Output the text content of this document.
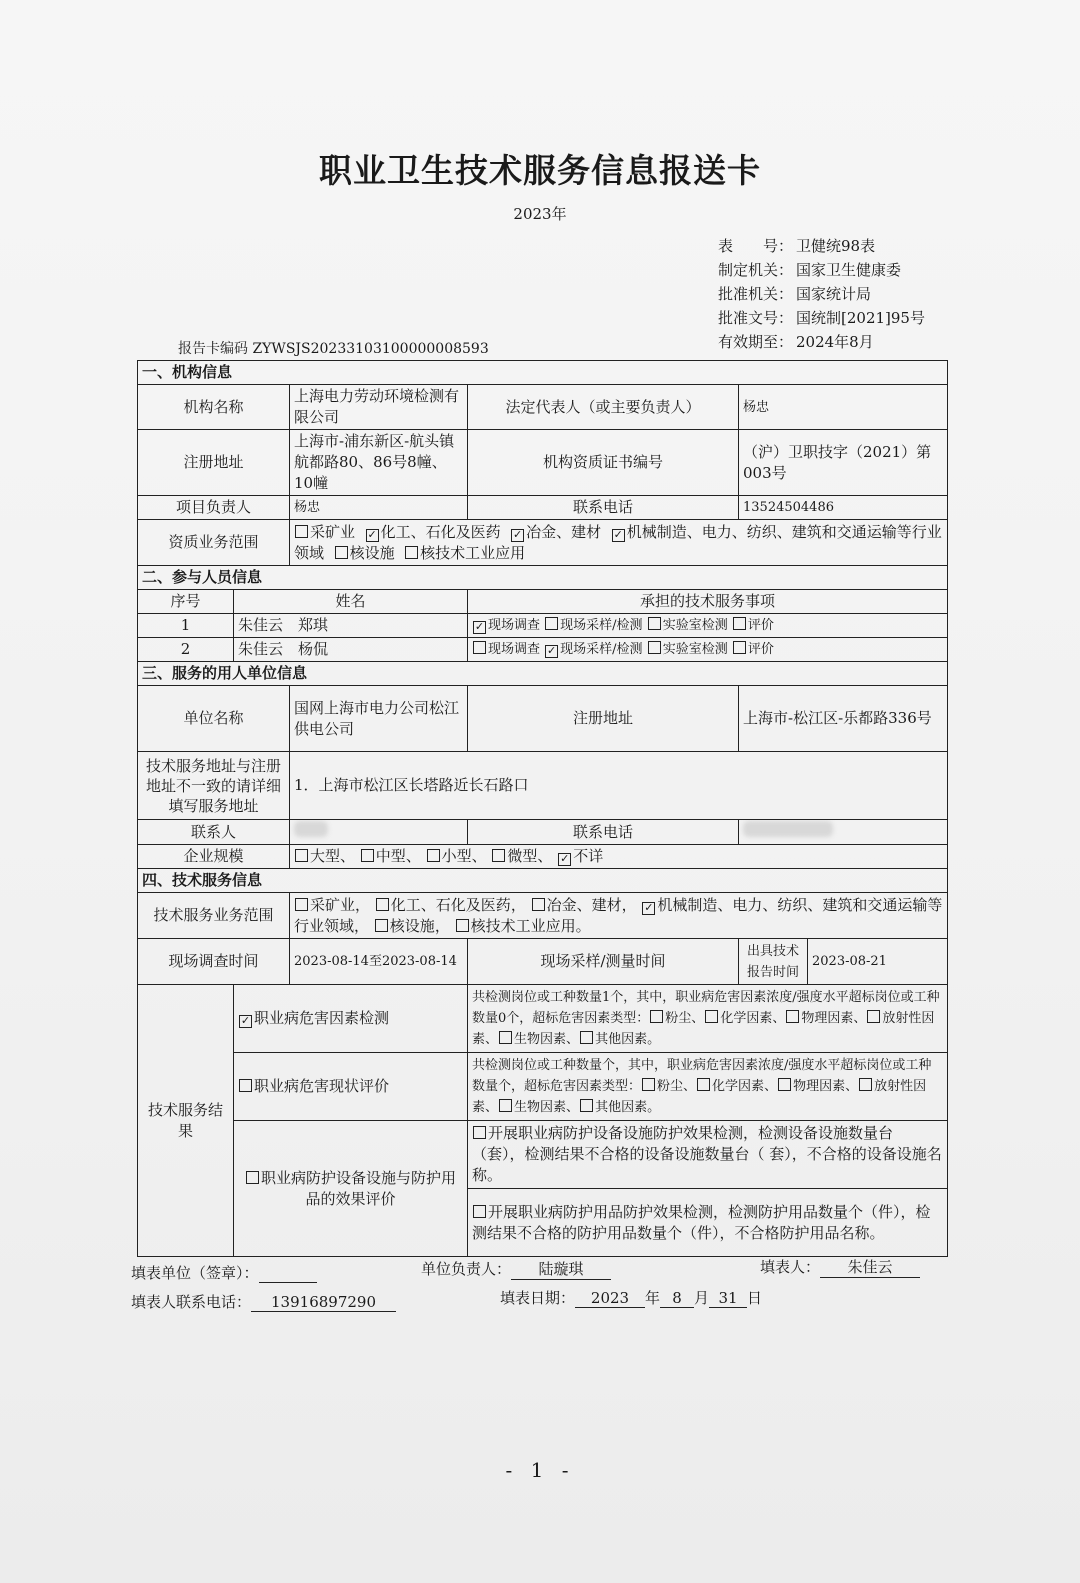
职业卫生技术服务信息报送卡
2023年
表　　号： 卫健统98表
制定机关： 国家卫生健康委
批准机关： 国家统计局
批准文号： 国统制[2021]95号
有效期至： 2024年8月
报告卡编码 ZYWSJS20233103100000008593
一、机构信息					
机构名称		上海电力劳动环境检测有限公司	法定代表人（或主要负责人）	杨忠	
注册地址		上海市-浦东新区-航头镇航都路80、86号8幢、10幢	机构资质证书编号	（沪）卫职技字（2021）第003号	
项目负责人		杨忠	联系电话	13524504486	
资质业务范围		采矿业 ✓ 化工、石化及医药 ✓ 冶金、建材 ✓ 机械制造、电力、纺织、建筑和交通运输等行业领域 核设施 核技术工业应用			
二、参与人员信息					
序号	姓名		承担的技术服务事项		
1	朱佳云　郑琪		✓ 现场调查 现场采样/检测 实验室检测 评价		
2	朱佳云　杨侃		现场调查 ✓ 现场采样/检测 实验室检测 评价		
三、服务的用人单位信息					
单位名称		国网上海市电力公司松江供电公司	注册地址	上海市-松江区-乐都路336号	
技术服务地址与注册地址不一致的请详细填写服务地址		1．上海市松江区长塔路近长石路口			
联系人			联系电话		
企业规模		大型、 中型、 小型、 微型、 ✓ 不详			
四、技术服务信息					
技术服务业务范围		采矿业， 化工、石化及医药， 冶金、建材， ✓ 机械制造、电力、纺织、建筑和交通运输等行业领域， 核设施， 核技术工业应用。			
现场调查时间		2023-08-14至2023-08-14	现场采样/测量时间	出具技术报告时间	2023-08-21
技术服务结果	✓ 职业病危害因素检测		共检测岗位或工种数量1个，其中，职业病危害因素浓度/强度水平超标岗位或工种数量0个，超标危害因素类型： 粉尘、 化学因素、 物理因素、 放射性因素、 生物因素、 其他因素。		
	职业病危害现状评价		共检测岗位或工种数量个，其中，职业病危害因素浓度/强度水平超标岗位或工种数量个，超标危害因素类型： 粉尘、 化学因素、 物理因素、 放射性因素、 生物因素、 其他因素。		
	职业病防护设备设施与防护用品的效果评价		开展职业病防护设备设施防护效果检测，检测设备设施数量台（套），检测结果不合格的设备设施数量台（ 套），不合格的设备设施名称。		
			开展职业病防护用品防护效果检测，检测防护用品数量个（件），检测结果不合格的防护用品数量个（件），不合格防护用品名称。		
填表单位（签章）：	单位负责人： 陆璇琪	填表人： 朱佳云
填表人联系电话： 13916897290	填表日期： 2023 年 8 月 31 日
- 1 -
